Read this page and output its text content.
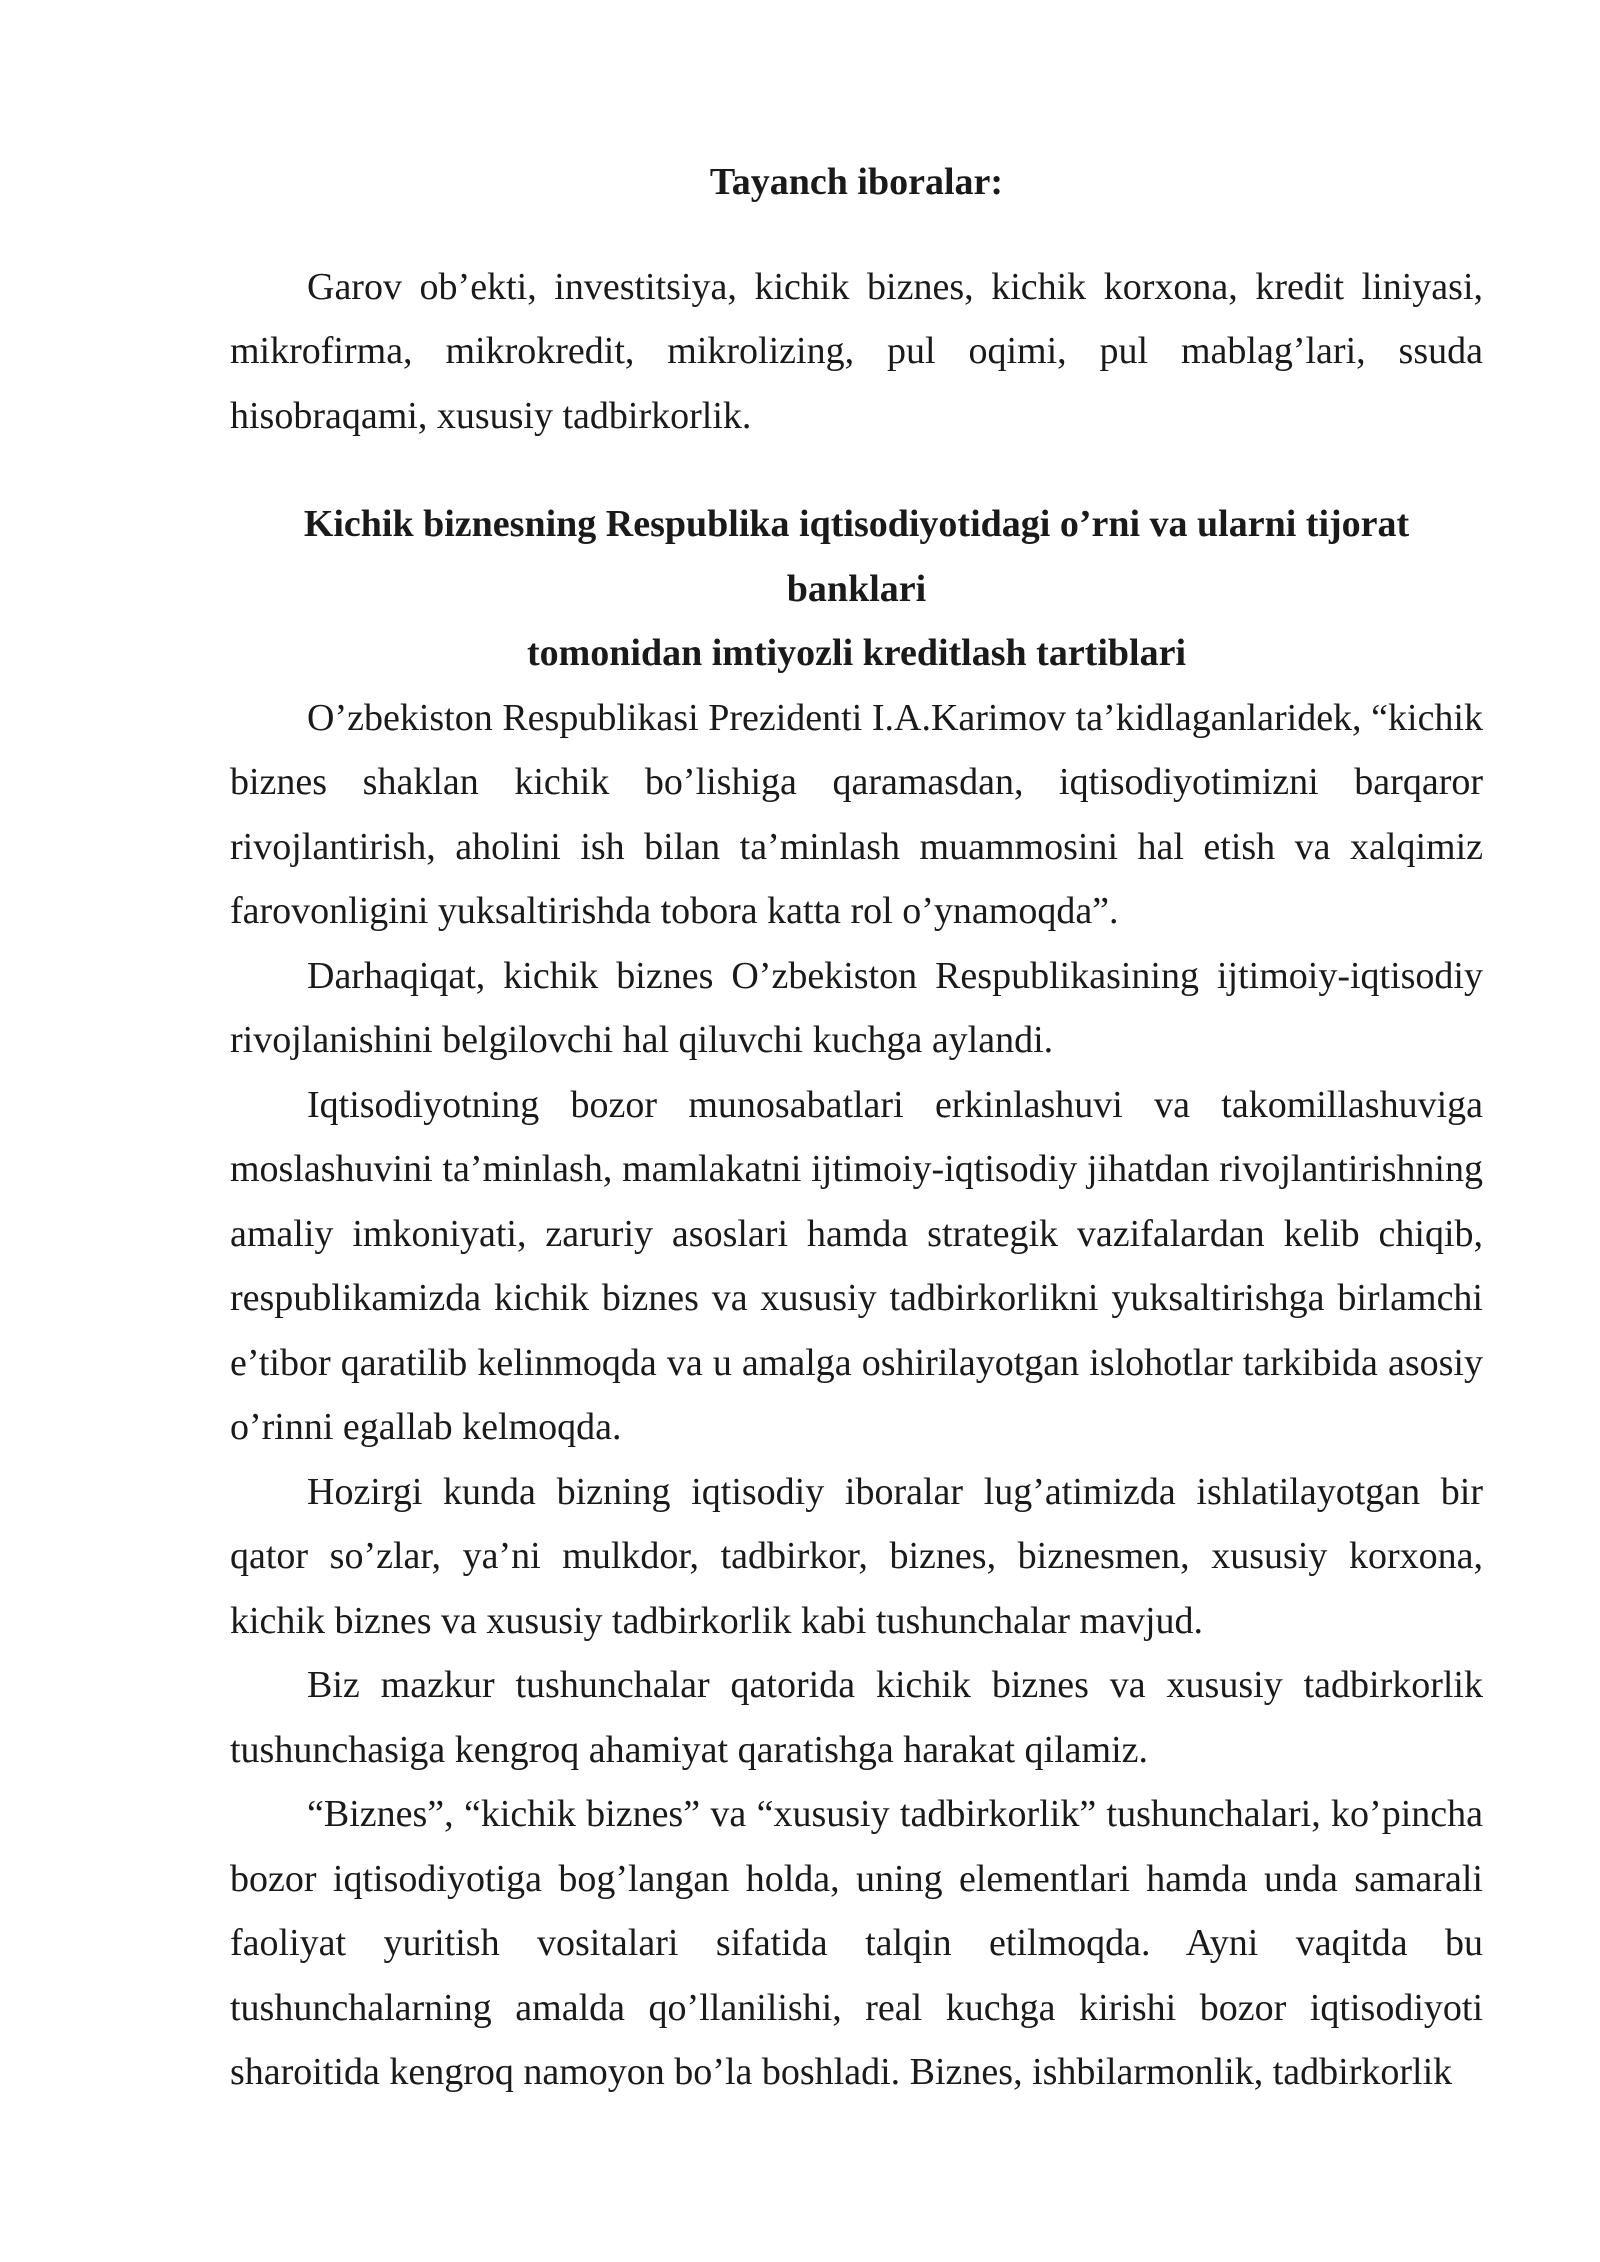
Tayanch iboralar:

Garov ob’ekti, investitsiya, kichik biznes, kichik korxona, kredit liniyasi, mikrofirma, mikrokredit, mikrolizing, pul oqimi, pul mablag’lari, ssuda hisobraqami, xususiy tadbirkorlik.

Kichik biznesning Respublika iqtisodiyotidagi o’rni va ularni tijorat banklari
tomonidan imtiyozli kreditlash tartiblari

O’zbekiston Respublikasi Prezidenti I.A.Karimov ta’kidlaganlaridek, “kichik biznes shaklan kichik bo’lishiga qaramasdan, iqtisodiyotimizni barqaror rivojlantirish, aholini ish bilan ta’minlash muammosini hal etish va xalqimiz farovonligini yuksaltirishda tobora katta rol o’ynamoqda”.

Darhaqiqat, kichik biznes O’zbekiston Respublikasining ijtimoiy-iqtisodiy rivojlanishini belgilovchi hal qiluvchi kuchga aylandi.

Iqtisodiyotning bozor munosabatlari erkinlashuvi va takomillashuviga moslashuvini ta’minlash, mamlakatni ijtimoiy-iqtisodiy jihatdan rivojlantirishning amaliy imkoniyati, zaruriy asoslari hamda strategik vazifalardan kelib chiqib, respublikamizda kichik biznes va xususiy tadbirkorlikni yuksaltirishga birlamchi e’tibor qaratilib kelinmoqda va u amalga oshirilayotgan islohotlar tarkibida asosiy o’rinni egallab kelmoqda.

Hozirgi kunda bizning iqtisodiy iboralar lug’atimizda ishlatilayotgan bir qator so’zlar, ya’ni mulkdor, tadbirkor, biznes, biznesmen, xususiy korxona, kichik biznes va xususiy tadbirkorlik kabi tushunchalar mavjud.

Biz mazkur tushunchalar qatorida kichik biznes va xususiy tadbirkorlik tushunchasiga kengroq ahamiyat qaratishga harakat qilamiz.

“Biznes”, “kichik biznes” va “xususiy tadbirkorlik” tushunchalari, ko’pincha bozor iqtisodiyotiga bog’langan holda, uning elementlari hamda unda samarali faoliyat yuritish vositalari sifatida talqin etilmoqda. Ayni vaqitda bu tushunchalarning amalda qo’llanilishi, real kuchga kirishi bozor iqtisodiyoti sharoitida kengroq namoyon bo’la boshladi. Biznes, ishbilarmonlik, tadbirkorlik
